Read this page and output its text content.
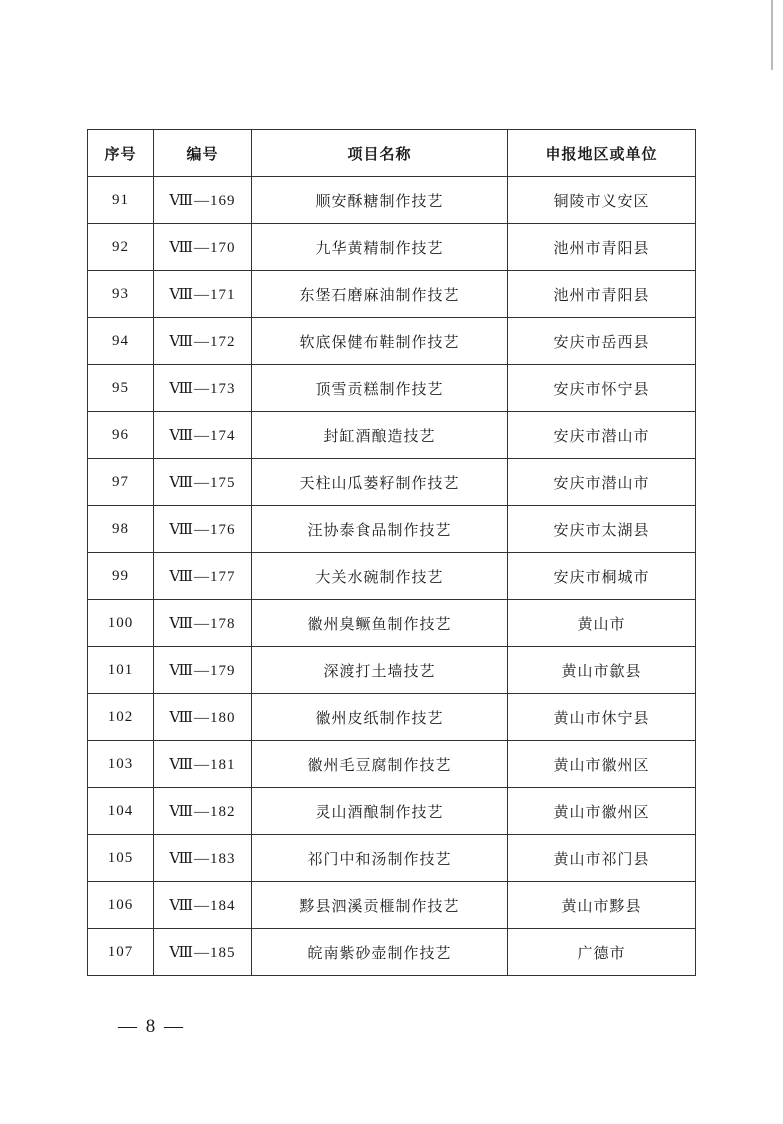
序号	编号	项目名称	申报地区或单位
91	Ⅷ—169	顺安酥糖制作技艺	铜陵市义安区
92	Ⅷ—170	九华黄精制作技艺	池州市青阳县
93	Ⅷ—171	东堡石磨麻油制作技艺	池州市青阳县
94	Ⅷ—172	软底保健布鞋制作技艺	安庆市岳西县
95	Ⅷ—173	顶雪贡糕制作技艺	安庆市怀宁县
96	Ⅷ—174	封缸酒酿造技艺	安庆市潜山市
97	Ⅷ—175	天柱山瓜蒌籽制作技艺	安庆市潜山市
98	Ⅷ—176	汪协泰食品制作技艺	安庆市太湖县
99	Ⅷ—177	大关水碗制作技艺	安庆市桐城市
100	Ⅷ—178	徽州臭鳜鱼制作技艺	黄山市
101	Ⅷ—179	深渡打土墙技艺	黄山市歙县
102	Ⅷ—180	徽州皮纸制作技艺	黄山市休宁县
103	Ⅷ—181	徽州毛豆腐制作技艺	黄山市徽州区
104	Ⅷ—182	灵山酒酿制作技艺	黄山市徽州区
105	Ⅷ—183	祁门中和汤制作技艺	黄山市祁门县
106	Ⅷ—184	黟县泗溪贡榧制作技艺	黄山市黟县
107	Ⅷ—185	皖南紫砂壶制作技艺	广德市
— 8 —
